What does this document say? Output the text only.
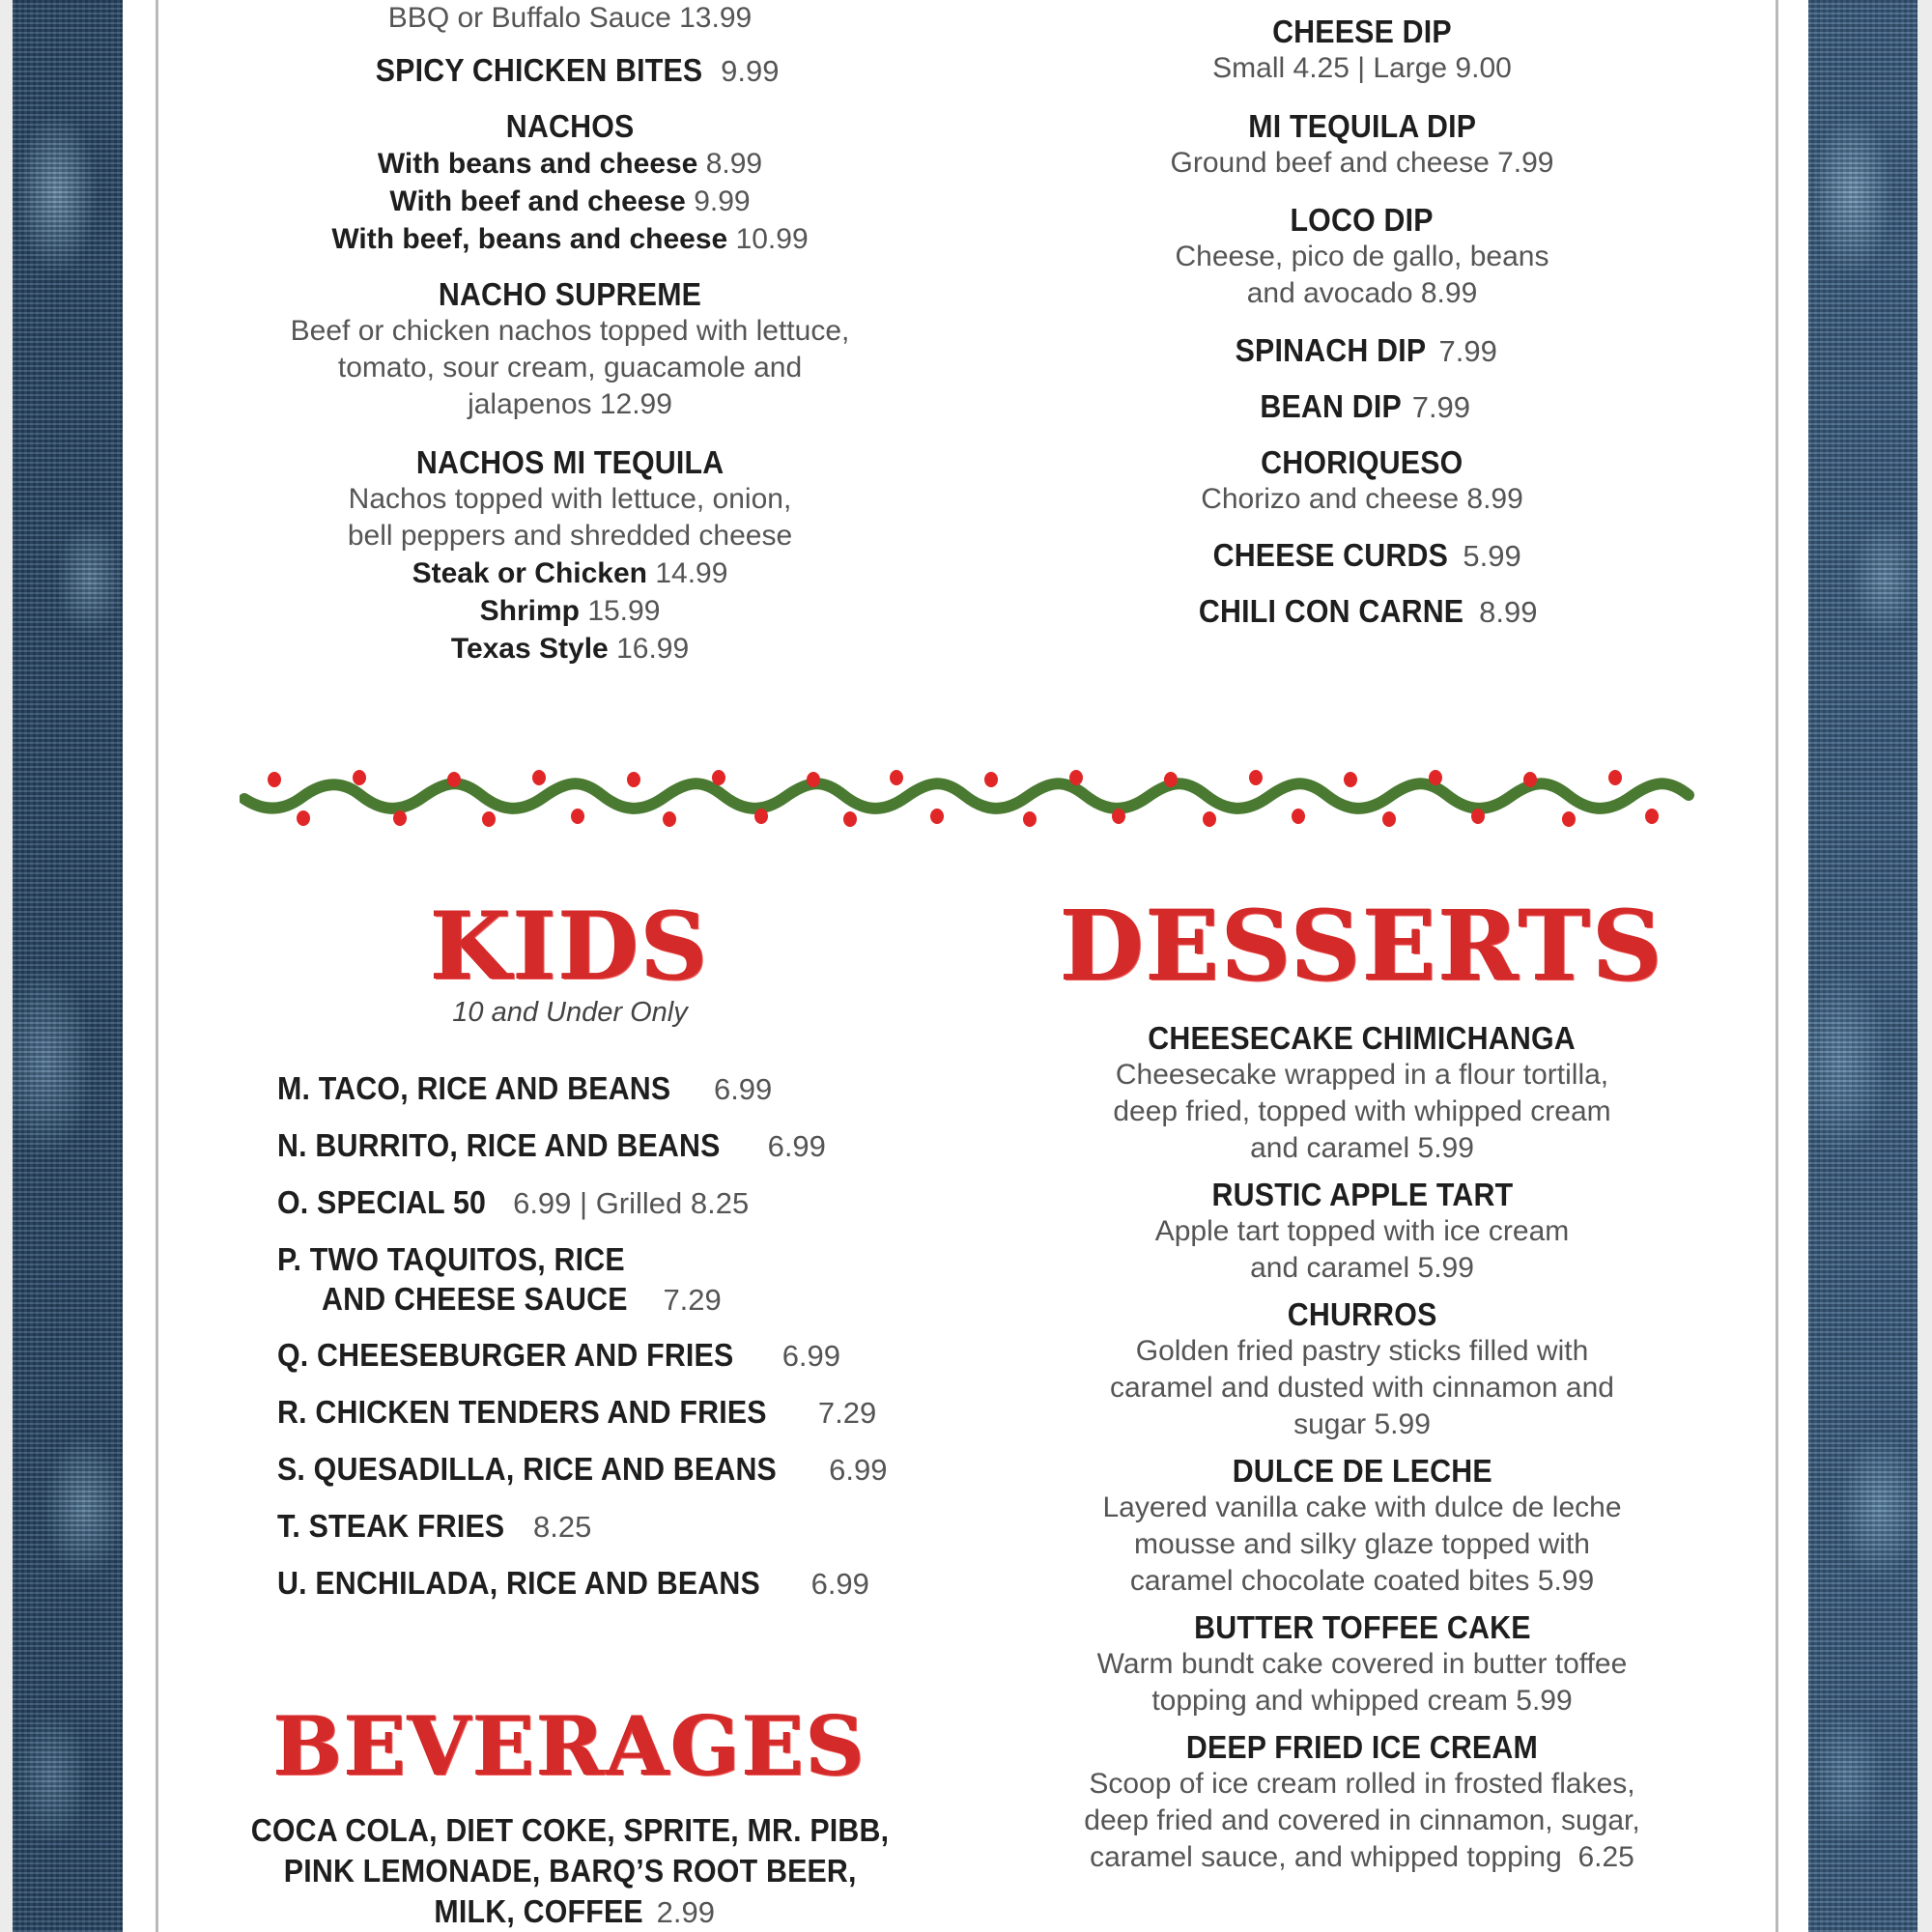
BBQ or Buffalo Sauce 13.99
SPICY CHICKEN BITES 9.99
NACHOS
With beans and cheese 8.99
With beef and cheese 9.99
With beef, beans and cheese 10.99
NACHO SUPREME
Beef or chicken nachos topped with lettuce,
tomato, sour cream, guacamole and
jalapenos 12.99
NACHOS MI TEQUILA
Nachos topped with lettuce, onion,
bell peppers and shredded cheese
Steak or Chicken 14.99
Shrimp 15.99
Texas Style 16.99
CHEESE DIP
Small 4.25 | Large 9.00
MI TEQUILA DIP
Ground beef and cheese 7.99
LOCO DIP
Cheese, pico de gallo, beans
and avocado 8.99
SPINACH DIP 7.99
BEAN DIP 7.99
CHORIQUESO
Chorizo and cheese 8.99
CHEESE CURDS 5.99
CHILI CON CARNE 8.99
KIDS
10 and Under Only
M. TACO, RICE AND BEANS 6.99
N. BURRITO, RICE AND BEANS 6.99
O. SPECIAL 50 6.99 | Grilled 8.25
P. TWO TAQUITOS, RICE
AND CHEESE SAUCE 7.29
Q. CHEESEBURGER AND FRIES 6.99
R. CHICKEN TENDERS AND FRIES 7.29
S. QUESADILLA, RICE AND BEANS 6.99
T. STEAK FRIES 8.25
U. ENCHILADA, RICE AND BEANS 6.99
BEVERAGES
COCA COLA, DIET COKE, SPRITE, MR. PIBB,
PINK LEMONADE, BARQ’S ROOT BEER,
MILK, COFFEE 2.99
DESSERTS
CHEESECAKE CHIMICHANGA
Cheesecake wrapped in a flour tortilla,
deep fried, topped with whipped cream
and caramel 5.99
RUSTIC APPLE TART
Apple tart topped with ice cream
and caramel 5.99
CHURROS
Golden fried pastry sticks filled with
caramel and dusted with cinnamon and
sugar 5.99
DULCE DE LECHE
Layered vanilla cake with dulce de leche
mousse and silky glaze topped with
caramel chocolate coated bites 5.99
BUTTER TOFFEE CAKE
Warm bundt cake covered in butter toffee
topping and whipped cream 5.99
DEEP FRIED ICE CREAM
Scoop of ice cream rolled in frosted flakes,
deep fried and covered in cinnamon, sugar,
caramel sauce, and whipped topping 6.25
